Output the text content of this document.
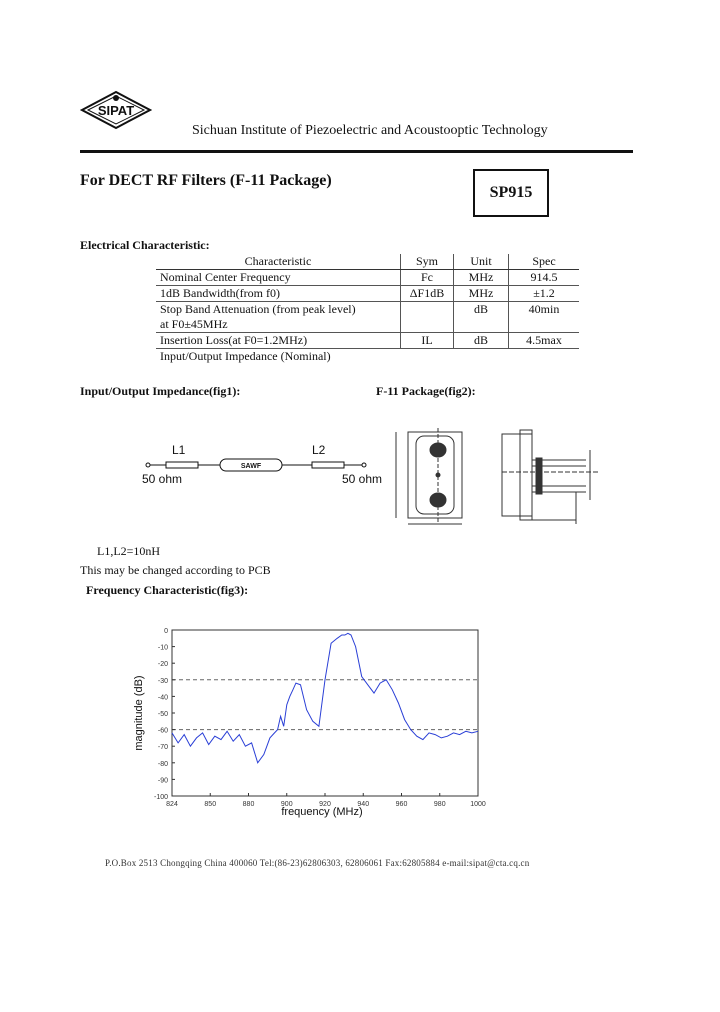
SIPAT
Sichuan Institute of Piezoelectric and Acoustooptic Technology
For DECT RF Filters (F-11 Package)
SP915
Electrical Characteristic:
Characteristic	Sym	Unit	Spec
Nominal Center Frequency	Fc	MHz	914.5
1dB Bandwidth(from f0)	ΔF1dB	MHz	±1.2

Stop Band Attenuation (from peak level)
at F0±45MHz		dB	40min

Insertion Loss(at F0=1.2MHz)	IL	dB	4.5max
Input/Output Impedance (Nominal)			
Input/Output Impedance(fig1):	F-11 Package(fig2):
L1
SAWF
L2
50 ohm	50 ohm
L1,L2=10nH
This may be changed according to PCB
Frequency Characteristic(fig3):
0
-10
-20
-30
-40
-50
-60
-70
-80
-90
-100
824	850	880	900	920	940	960	980	1000
magnitude (dB)
frequency (MHz)
P.O.Box 2513 Chongqing China 400060 Tel:(86-23)62806303, 62806061 Fax:62805884 e-mail:sipat@cta.cq.cn
